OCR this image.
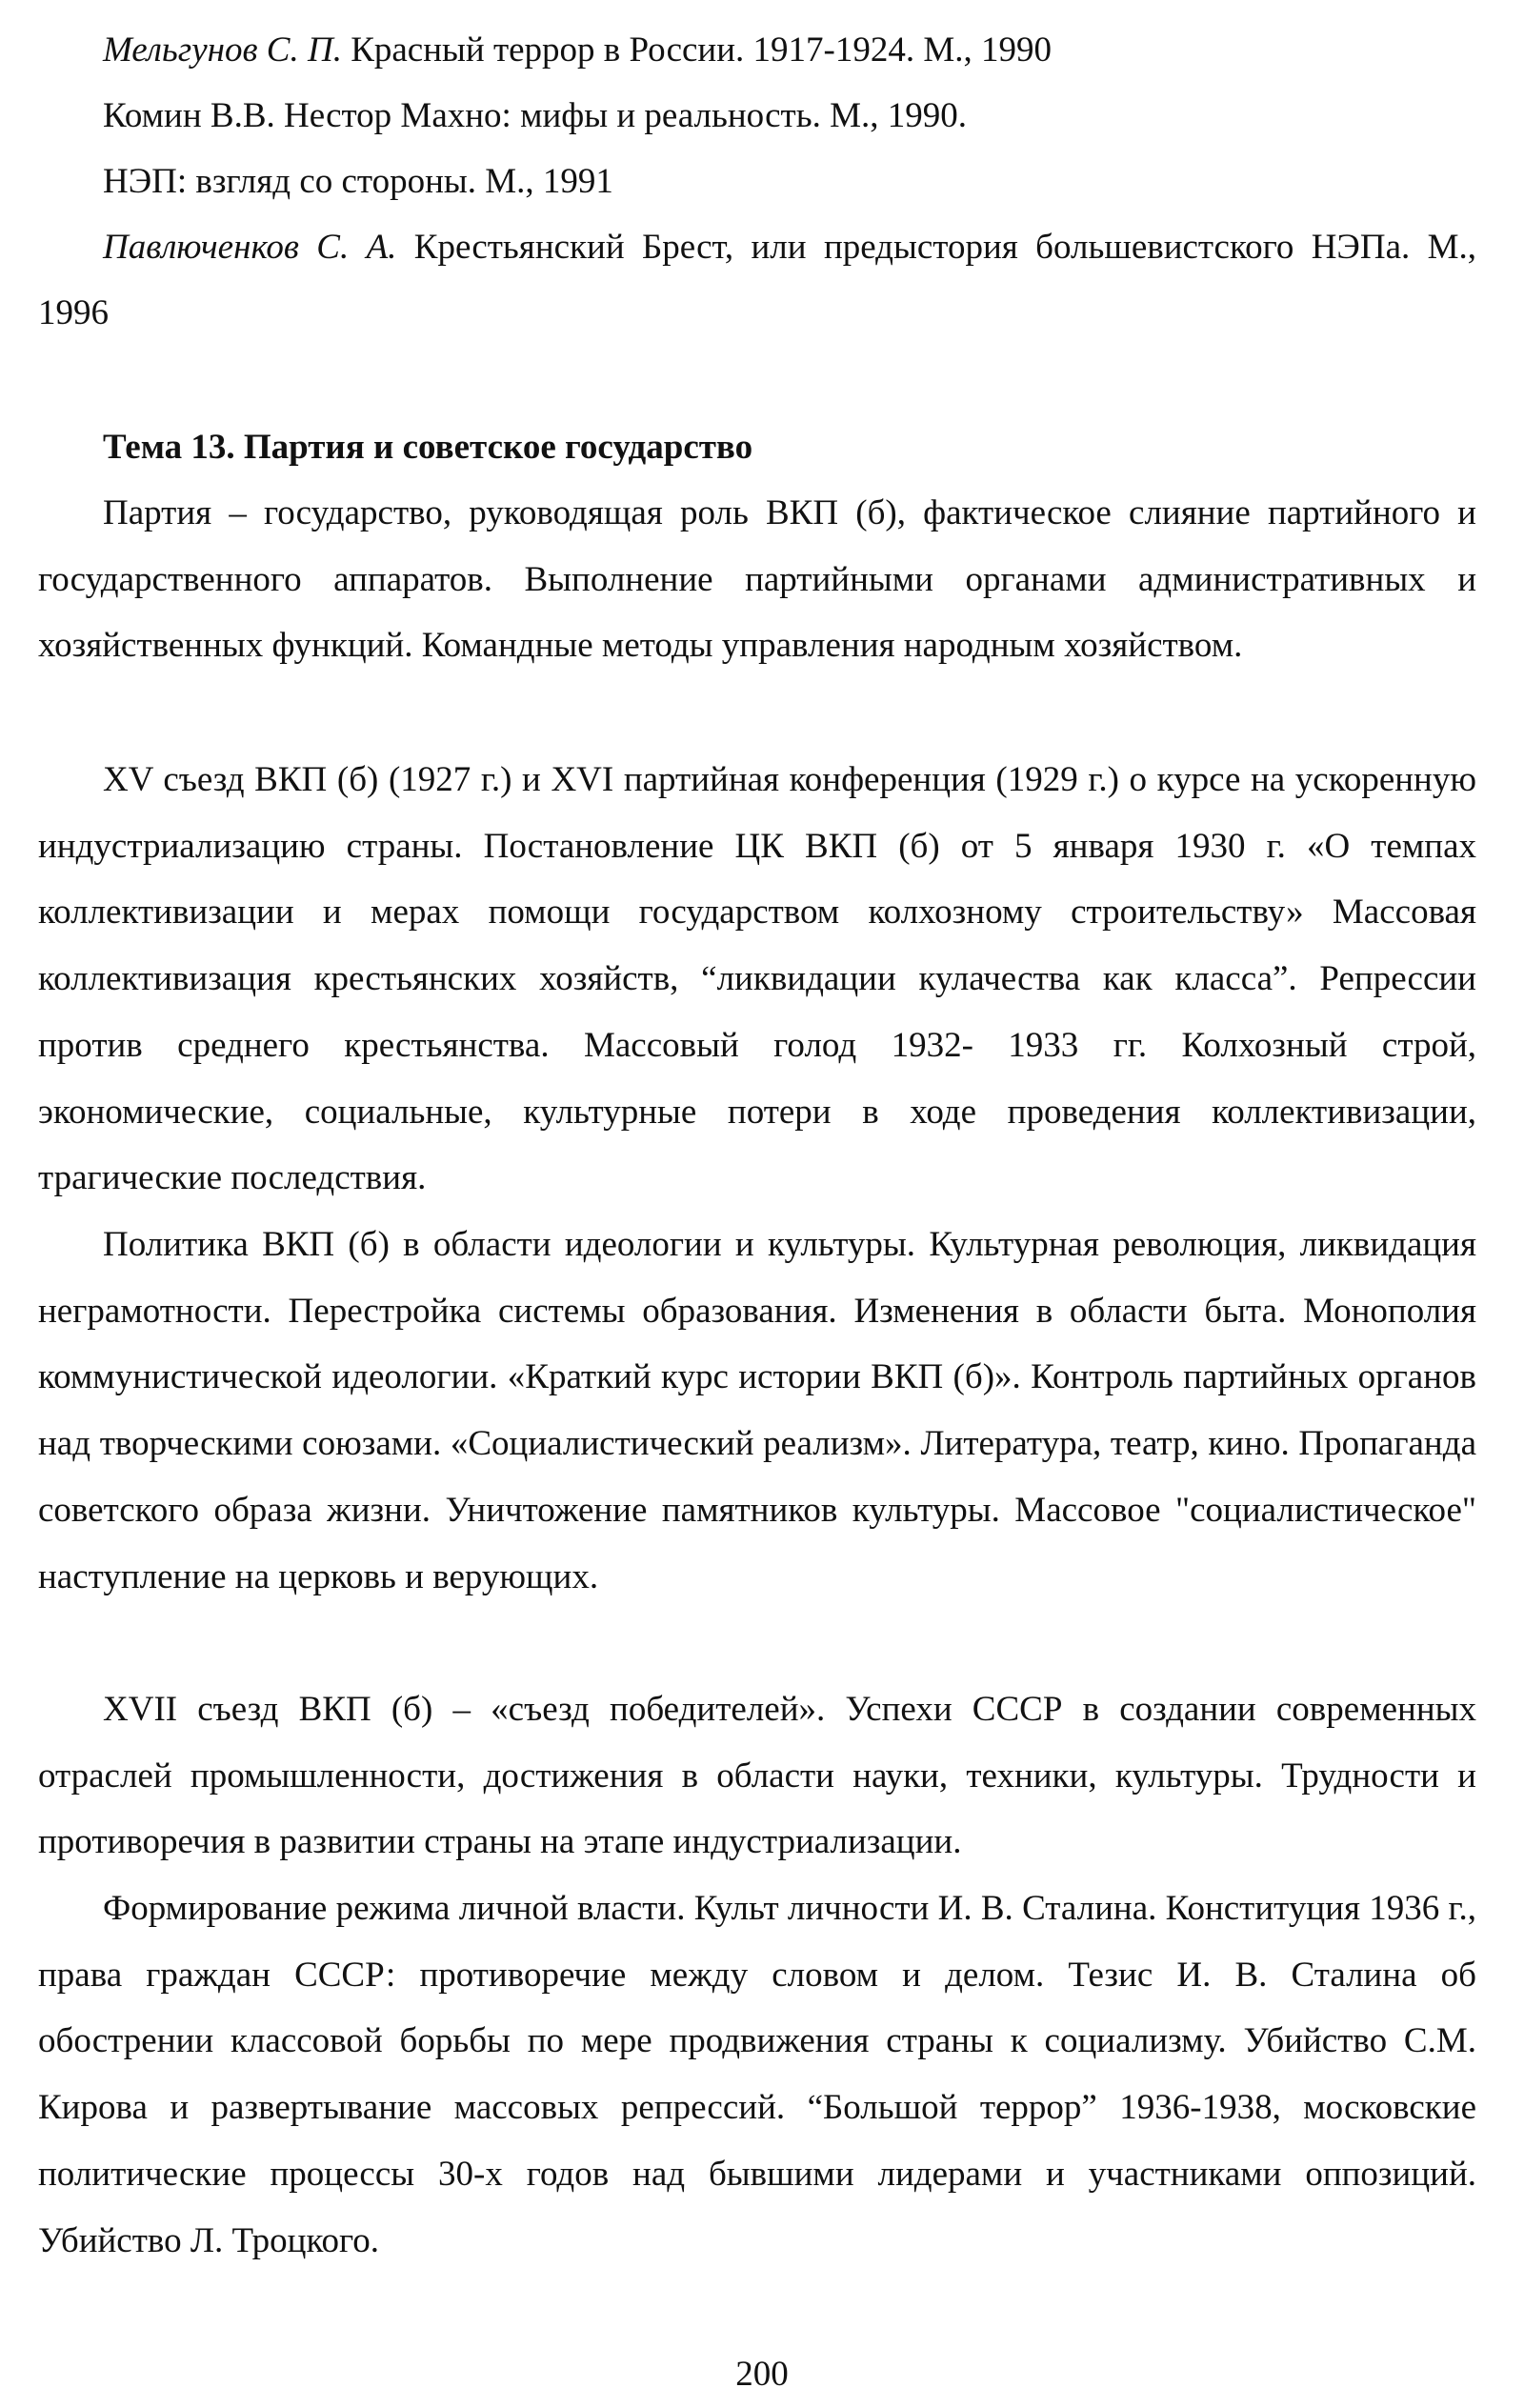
Мельгунов С. П. Красный террор в России. 1917-1924. М., 1990
Комин В.В. Нестор Махно: мифы и реальность. М., 1990.
НЭП: взгляд со стороны. М., 1991
Павлюченков С. А. Крестьянский Брест, или предыстория большевистского НЭПа. М., 1996
Тема 13. Партия и советское государство

Партия – государство, руководящая роль ВКП (б), фактическое слияние партийного и государственного аппаратов. Выполнение партийными органами административных и хозяйственных функций. Командные методы управления народным хозяйством.

XV съезд ВКП (б) (1927 г.) и XVI партийная конференция (1929 г.) о курсе на ускоренную индустриализацию страны. Постановление ЦК ВКП (б) от 5 января 1930 г. «О темпах коллективизации и мерах помощи государством колхозному строительству» Массовая коллективизация крестьянских хозяйств, “ликвидации кулачества как класса”. Репрессии против среднего крестьянства. Массовый голод 1932- 1933 гг. Колхозный строй, экономические, социальные, культурные потери в ходе проведения коллективизации, трагические последствия.

Политика ВКП (б) в области идеологии и культуры. Культурная революция, ликвидация неграмотности. Перестройка системы образования. Изменения в области быта. Монополия коммунистической идеологии. «Краткий курс истории ВКП (б)». Контроль партийных органов над творческими союзами. «Социалистический реализм». Литература, театр, кино. Пропаганда советского образа жизни. Уничтожение памятников культуры. Массовое "социалистическое" наступление на церковь и верующих.

XVII съезд ВКП (б) – «съезд победителей». Успехи СССР в создании современных отраслей промышленности, достижения в области науки, техники, культуры. Трудности и противоречия в развитии страны на этапе индустриализации.

Формирование режима личной власти. Культ личности И. В. Сталина. Конституция 1936 г., права граждан СССР: противоречие между словом и делом. Тезис И. В. Сталина об обострении классовой борьбы по мере продвижения страны к социализму. Убийство С.М. Кирова и развертывание массовых репрессий. “Большой террор” 1936-1938, московские политические процессы 30-х годов над бывшими лидерами и участниками оппозиций. Убийство Л. Троцкого.

200
